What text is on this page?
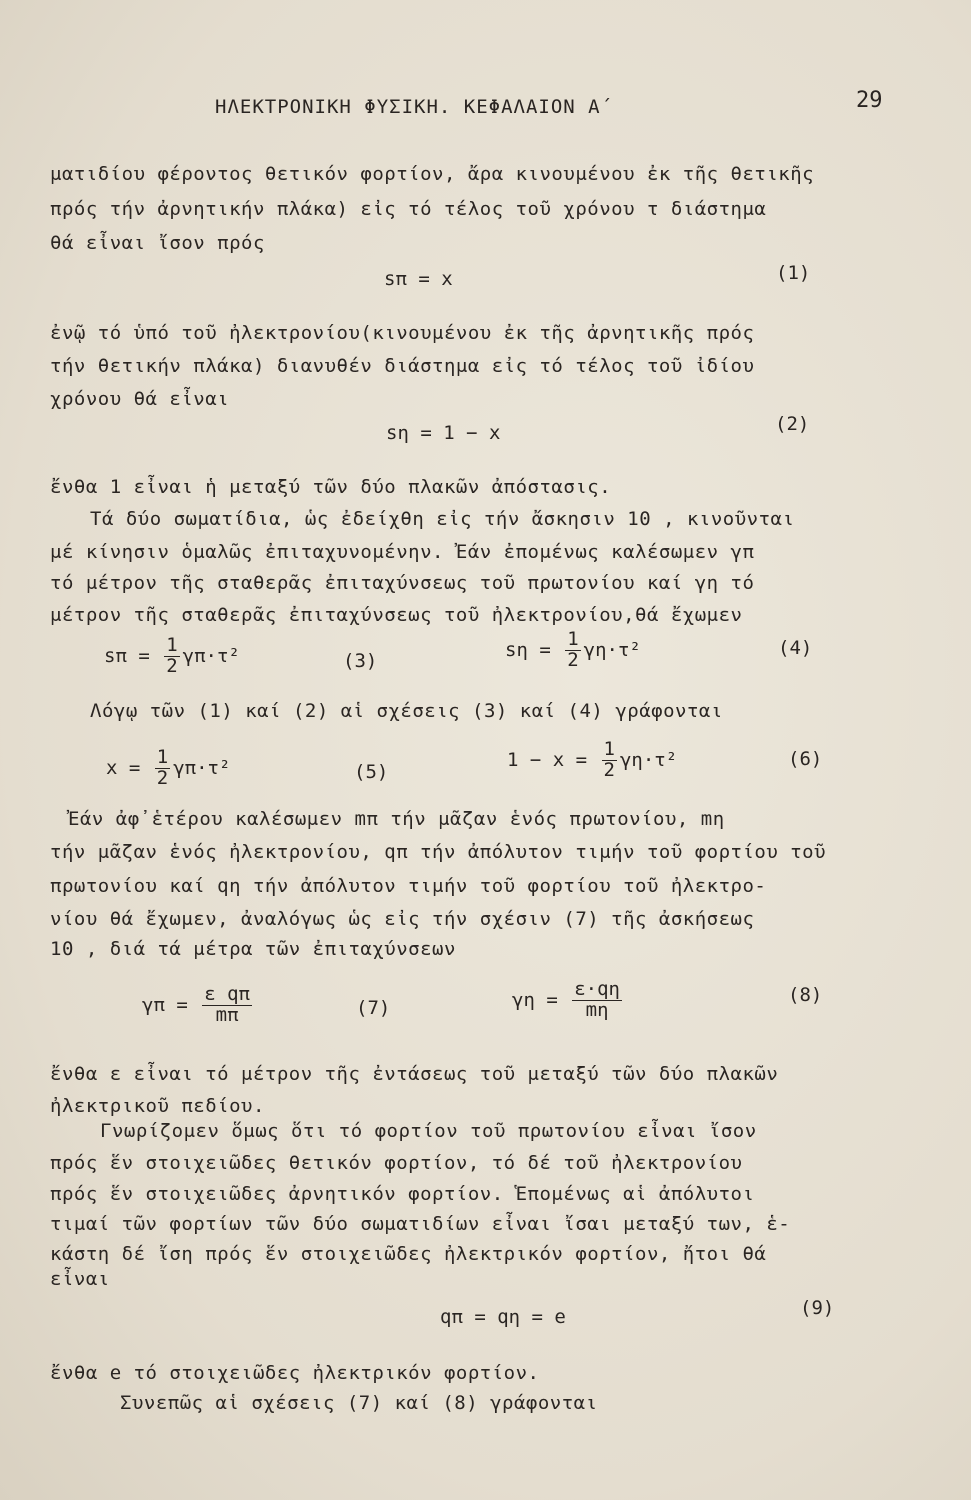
ΗΛΕΚΤΡΟΝΙΚΗ ΦΥΣΙΚΗ. ΚΕΦΑΛΑΙΟΝ Α΄	29
ματιδίου φέροντος θετικόν φορτίον, ἄρα κινουμένου ἐκ τῆς θετικῆς
πρός τήν ἀρνητικήν πλάκα) εἰς τό τέλος τοῦ χρόνου τ διάστημα
θά εἶναι ἴσον πρός
sπ = x	(1)
ἐνῷ τό ὑπό τοῦ ἠλεκτρονίου(κινουμένου ἐκ τῆς ἀρνητικῆς πρός
τήν θετικήν πλάκα) διανυθέν διάστημα εἰς τό τέλος τοῦ ἰδίου
χρόνου θά εἶναι
sη = 1 − x	(2)
ἔνθα 1 εἶναι ἡ μεταξύ τῶν δύο πλακῶν ἀπόστασις.
Τά δύο σωματίδια, ὡς ἐδείχθη εἰς τήν ἄσκησιν 10 , κινοῦνται
μέ κίνησιν ὁμαλῶς ἐπιταχυνομένην. Ἐάν ἐπομένως καλέσωμεν γπ
τό μέτρον τῆς σταθερᾶς ἐπιταχύνσεως τοῦ πρωτονίου καί γη τό
μέτρον τῆς σταθερᾶς ἐπιταχύνσεως τοῦ ἠλεκτρονίου,θά ἔχωμεν
$s\pi = \frac{1}{2} \gamma\pi\cdot\tau^2$	(3)
$s\eta = \frac{1}{2} \gamma\eta\cdot\tau^2$	(4)
Λόγῳ τῶν (1) καί (2) αἱ σχέσεις (3) καί (4) γράφονται
$x = \frac{1}{2} \gamma\pi\cdot\tau^2$	(5)
$1 - x = \frac{1}{2} \gamma\eta\cdot\tau^2$	(6)
Ἐάν ἀφ᾽ἑτέρου καλέσωμεν mπ τήν μᾶζαν ἑνός πρωτονίου, mη
τήν μᾶζαν ἑνός ἠλεκτρονίου, qπ τήν ἀπόλυτον τιμήν τοῦ φορτίου τοῦ
πρωτονίου καί qη τήν ἀπόλυτον τιμήν τοῦ φορτίου τοῦ ἠλεκτρο-
νίου θά ἔχωμεν, ἀναλόγως ὡς εἰς τήν σχέσιν (7) τῆς ἀσκήσεως
10 , διά τά μέτρα τῶν ἐπιταχύνσεων
$\gamma\pi = \frac{\text{ε qπ}}{m\pi}$	(7)	$\gamma\eta = \frac{\varepsilon\cdot q\eta}{m\eta}$	(8)
ἔνθα ε εἶναι τό μέτρον τῆς ἐντάσεως τοῦ μεταξύ τῶν δύο πλακῶν
ἠλεκτρικοῦ πεδίου.
Γνωρίζομεν ὅμως ὅτι τό φορτίον τοῦ πρωτονίου εἶναι ἴσον
πρός ἕν στοιχειῶδες θετικόν φορτίον, τό δέ τοῦ ἠλεκτρονίου
πρός ἕν στοιχειῶδες ἀρνητικόν φορτίον. Ἑπομένως αἱ ἀπόλυτοι
τιμαί τῶν φορτίων τῶν δύο σωματιδίων εἶναι ἴσαι μεταξύ των, ἑ-
κάστη δέ ἴση πρός ἕν στοιχειῶδες ἠλεκτρικόν φορτίον, ἤτοι θά
εἶναι
qπ = qη = e	(9)
ἔνθα e τό στοιχειῶδες ἠλεκτρικόν φορτίον.
Συνεπῶς αἱ σχέσεις (7) καί (8) γράφονται
